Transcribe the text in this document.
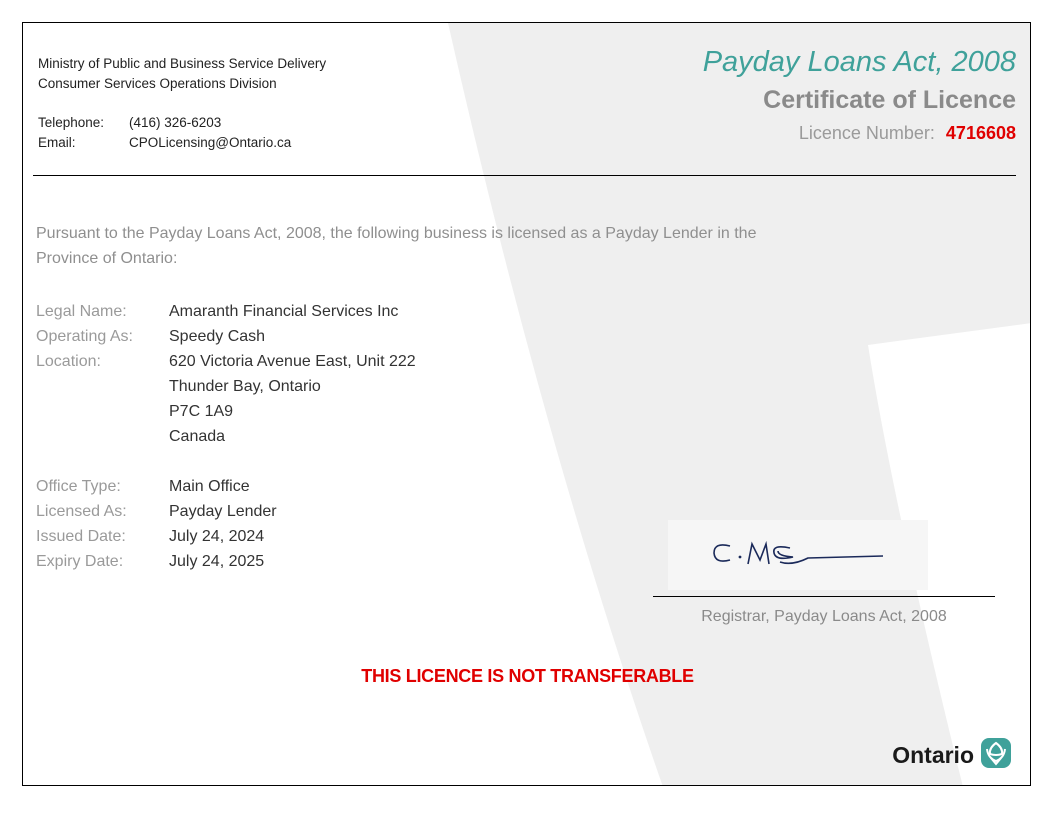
Ministry of Public and Business Service Delivery
Consumer Services Operations Division
Telephone:	(416) 326-6203
Email:	CPOLicensing@Ontario.ca
Payday Loans Act, 2008
Certificate of Licence
Licence Number: 4716608
Pursuant to the Payday Loans Act, 2008, the following business is licensed as a Payday Lender in the Province of Ontario:
Legal Name:	Amaranth Financial Services Inc
Operating As:	Speedy Cash
Location:	620 Victoria Avenue East, Unit 222
Thunder Bay, Ontario
P7C 1A9
Canada
Office Type:	Main Office
Licensed As:	Payday Lender
Issued Date:	July 24, 2024
Expiry Date:	July 24, 2025
Registrar, Payday Loans Act, 2008
THIS LICENCE IS NOT TRANSFERABLE
Ontario
